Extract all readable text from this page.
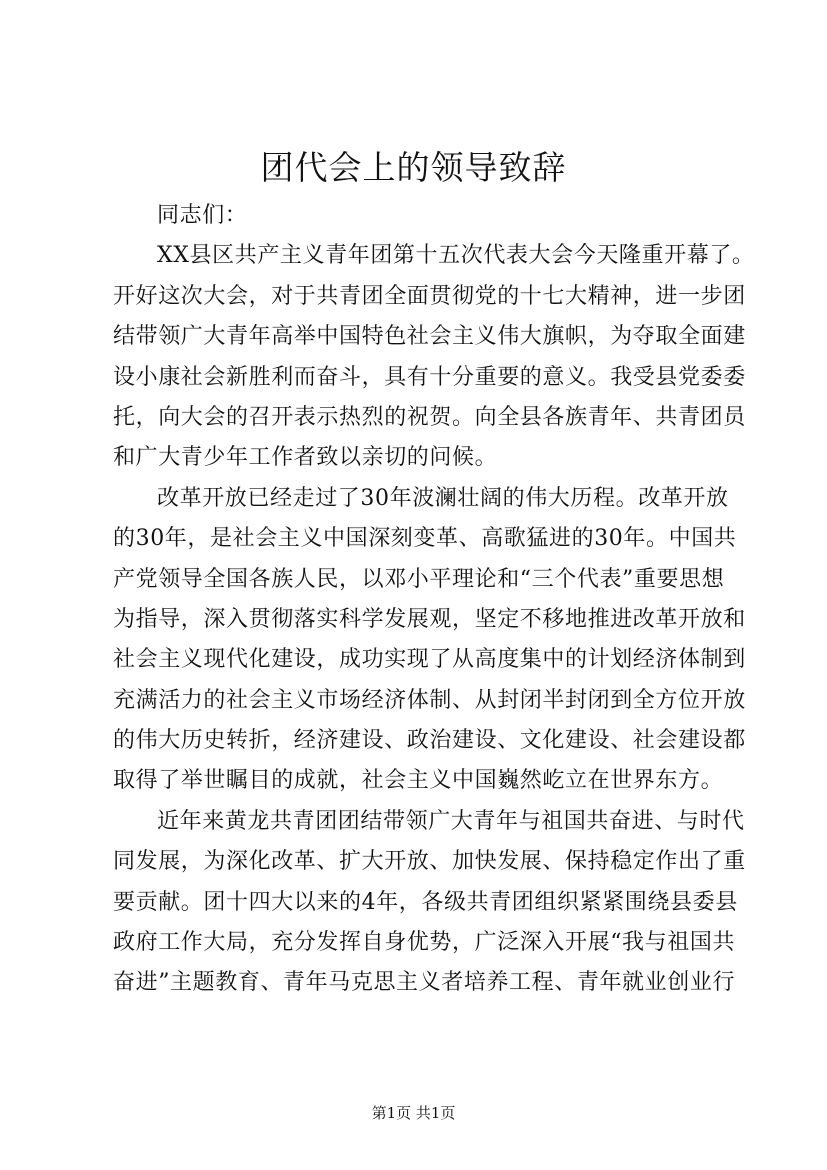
团代会上的领导致辞
同志们：
XX县区共产主义青年团第十五次代表大会今天隆重开幕了。
开好这次大会，对于共青团全面贯彻党的十七大精神，进一步团
结带领广大青年高举中国特色社会主义伟大旗帜，为夺取全面建
设小康社会新胜利而奋斗，具有十分重要的意义。我受县党委委
托，向大会的召开表示热烈的祝贺。向全县各族青年、共青团员
和广大青少年工作者致以亲切的问候。
改革开放已经走过了30年波澜壮阔的伟大历程。改革开放
的30年，是社会主义中国深刻变革、高歌猛进的30年。中国共
产党领导全国各族人民，以邓小平理论和“三个代表”重要思想
为指导，深入贯彻落实科学发展观，坚定不移地推进改革开放和
社会主义现代化建设，成功实现了从高度集中的计划经济体制到
充满活力的社会主义市场经济体制、从封闭半封闭到全方位开放
的伟大历史转折，经济建设、政治建设、文化建设、社会建设都
取得了举世瞩目的成就，社会主义中国巍然屹立在世界东方。
近年来黄龙共青团团结带领广大青年与祖国共奋进、与时代
同发展，为深化改革、扩大开放、加快发展、保持稳定作出了重
要贡献。团十四大以来的4年，各级共青团组织紧紧围绕县委县
政府工作大局，充分发挥自身优势，广泛深入开展“我与祖国共
奋进”主题教育、青年马克思主义者培养工程、青年就业创业行
第1页 共1页
